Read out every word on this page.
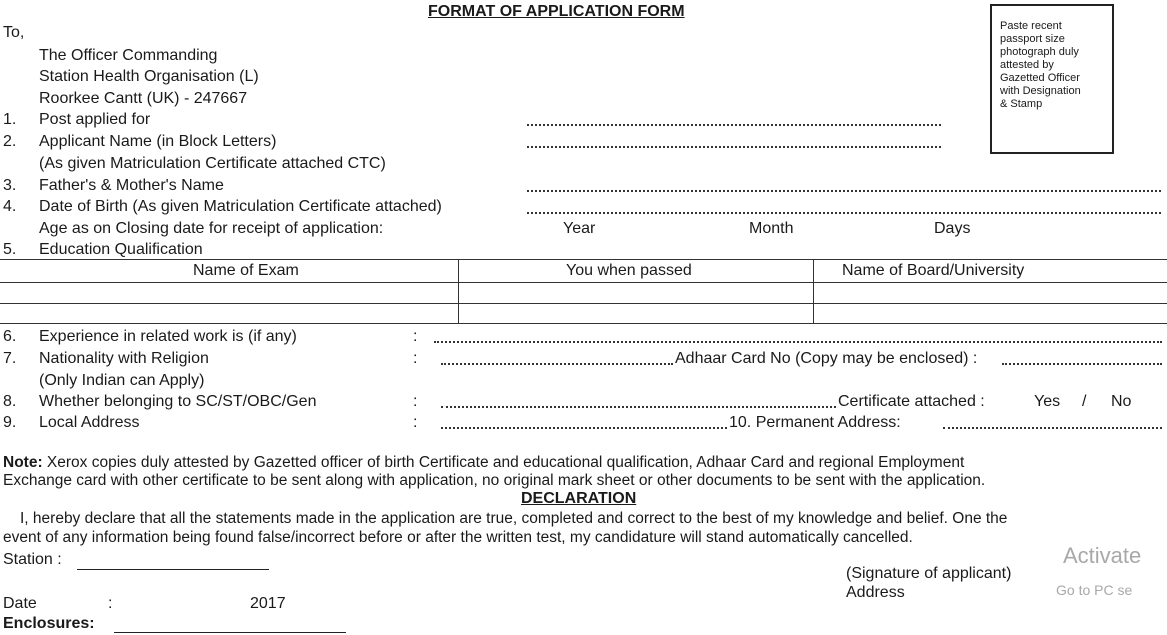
FORMAT OF APPLICATION FORM
Paste recent
passport size
photograph duly
attested by
Gazetted Officer
with Designation
& Stamp
To,
The Officer Commanding
Station Health Organisation (L)
Roorkee Cantt (UK) - 247667
1. Post applied for
2. Applicant Name (in Block Letters)
(As given Matriculation Certificate attached CTC)
3. Father's & Mother's Name
4. Date of Birth (As given Matriculation Certificate attached)
Age as on Closing date for receipt of application:	Year	Month	Days
5. Education Qualification
Name of Exam	You when passed	Name of Board/University
6. Experience in related work is (if any)	:
7. Nationality with Religion	:	Adhaar Card No (Copy may be enclosed) :
(Only Indian can Apply)
8. Whether belonging to SC/ST/OBC/Gen	:	Certificate attached :	Yes / No
9. Local Address	:	10. Permanent Address:
Note: Xerox copies duly attested by Gazetted officer of birth Certificate and educational qualification, Adhaar Card and regional Employment
Exchange card with other certificate to be sent along with application, no original mark sheet or other documents to be sent with the application.
DECLARATION
I, hereby declare that all the statements made in the application are true, completed and correct to the best of my knowledge and belief. One the
event of any information being found false/incorrect before or after the written test, my candidature will stand automatically cancelled.
Station :
(Signature of applicant)
Address
Date	:	2017
Enclosures:
Activate
Go to PC se
